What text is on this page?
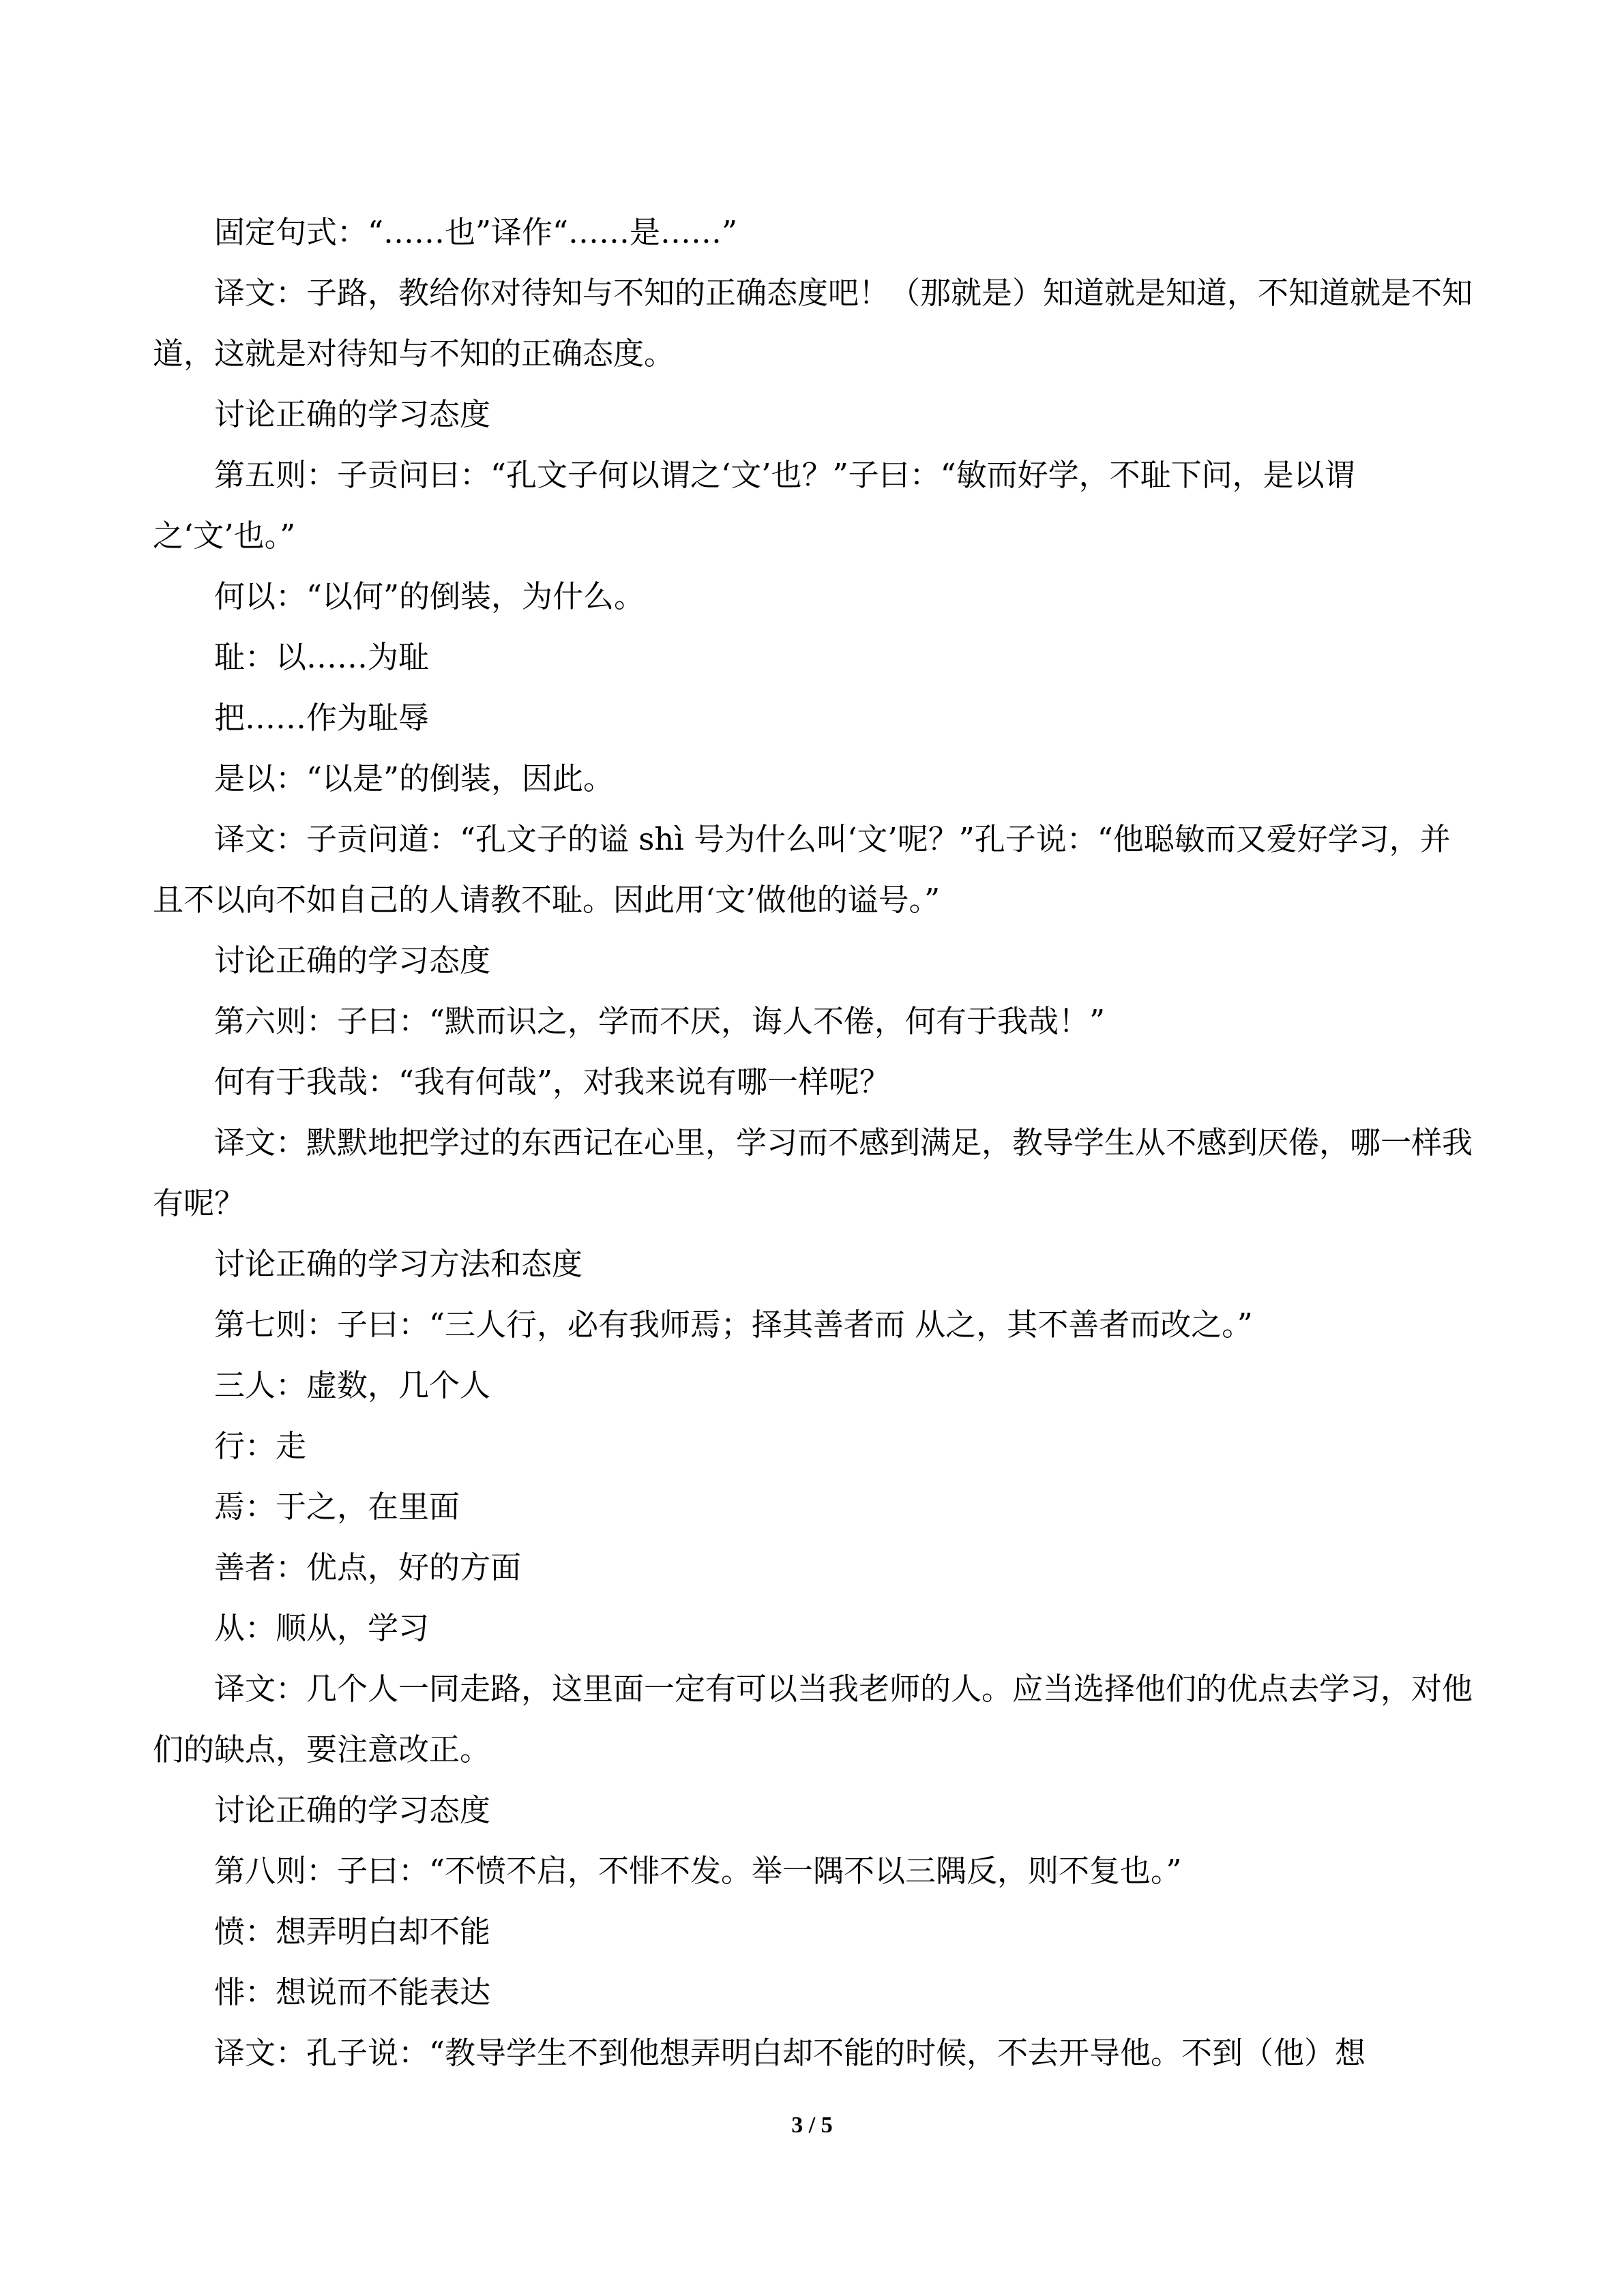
固定句式：“……也”译作“……是……”

译文：子路，教给你对待知与不知的正确态度吧！（那就是）知道就是知道，不知道就是不知道，这就是对待知与不知的正确态度。

讨论正确的学习态度

第五则：子贡问曰：“孔文子何以谓之‘文’也？”子曰：“敏而好学，不耻下问，是以谓之‘文’也。”

何以：“以何”的倒装，为什么。

耻：以……为耻

把……作为耻辱

是以：“以是”的倒装，因此。

译文：子贡问道：“孔文子的谥 shì 号为什么叫‘文’呢？”孔子说：“他聪敏而又爱好学习，并且不以向不如自己的人请教不耻。因此用‘文’做他的谥号。”

讨论正确的学习态度

第六则：子曰：“默而识之，学而不厌，诲人不倦，何有于我哉！”

何有于我哉：“我有何哉”，对我来说有哪一样呢？

译文：默默地把学过的东西记在心里，学习而不感到满足，教导学生从不感到厌倦，哪一样我有呢？

讨论正确的学习方法和态度

第七则：子曰：“三人行，必有我师焉；择其善者而 从之，其不善者而改之。”

三人：虚数，几个人

行：走

焉：于之，在里面

善者：优点，好的方面

从：顺从，学习

译文：几个人一同走路，这里面一定有可以当我老师的人。应当选择他们的优点去学习，对他们的缺点，要注意改正。

讨论正确的学习态度

第八则：子曰：“不愤不启，不悱不发。举一隅不以三隅反，则不复也。”

愤：想弄明白却不能

悱：想说而不能表达

译文：孔子说：“教导学生不到他想弄明白却不能的时候，不去开导他。不到（他）想

3 / 5
